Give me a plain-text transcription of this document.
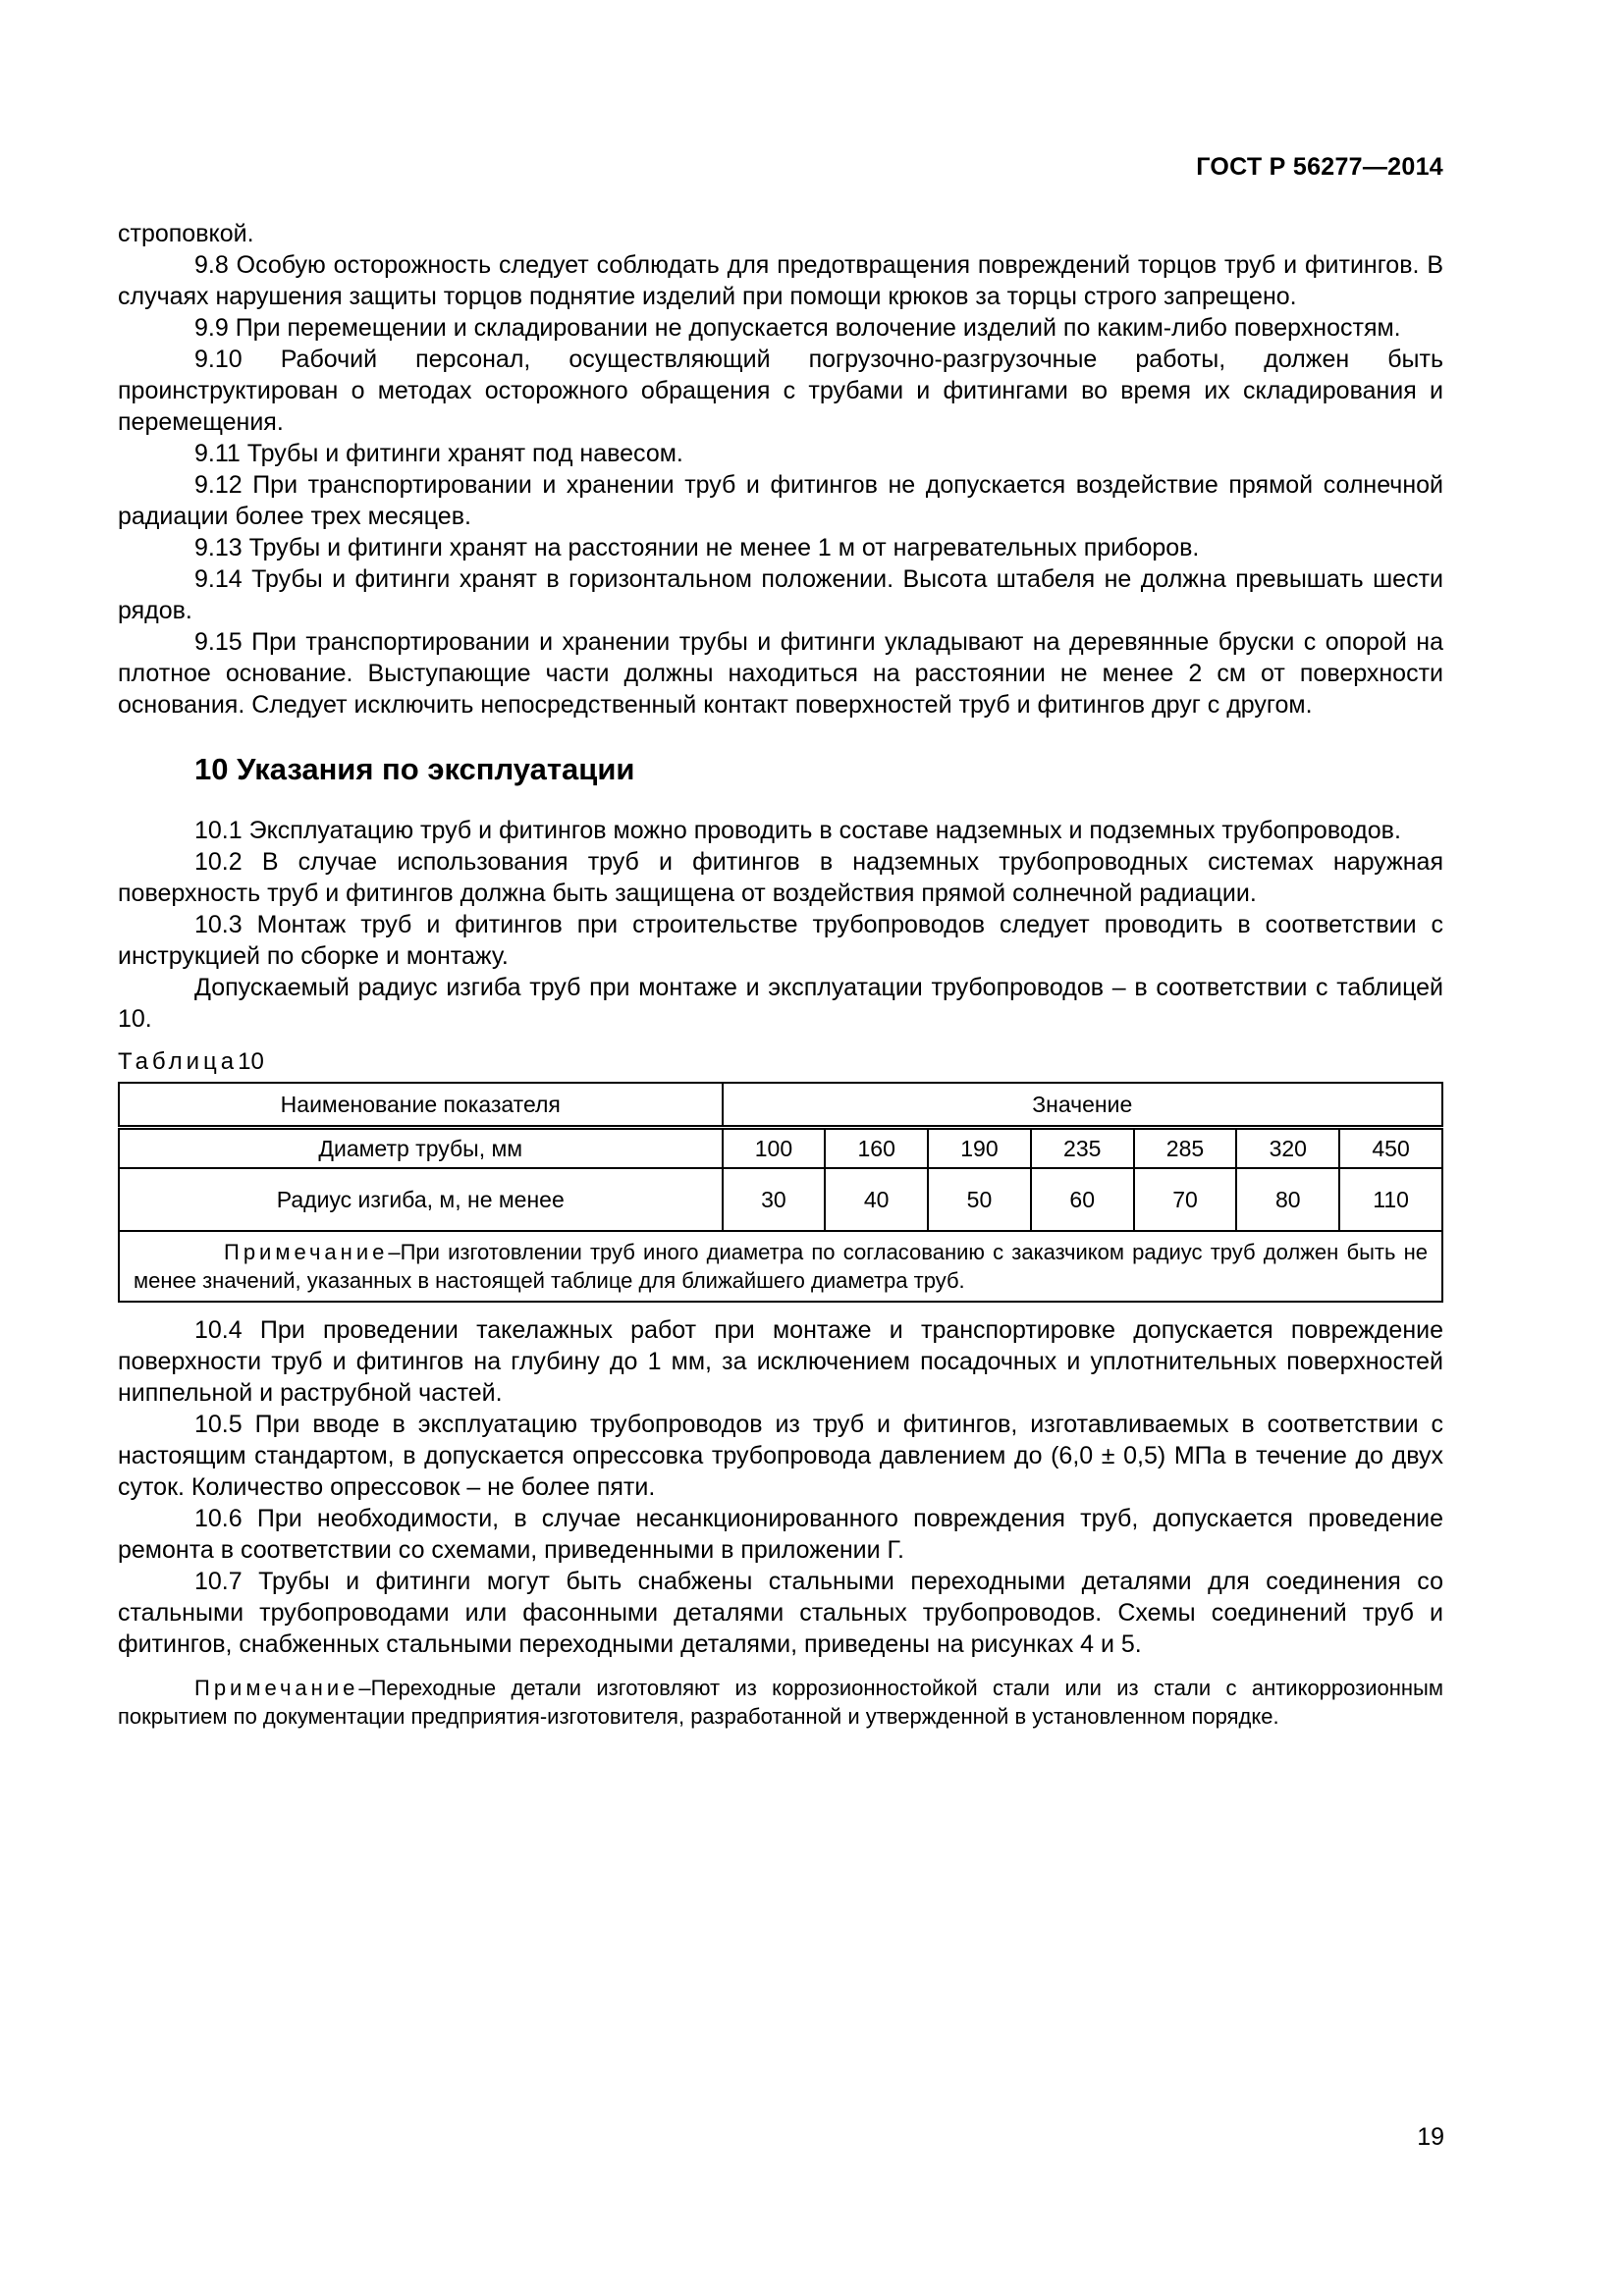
ГОСТ Р 56277—2014

строповкой.

9.8 Особую осторожность следует соблюдать для предотвращения повреждений торцов труб и фитингов. В случаях нарушения защиты торцов поднятие изделий при помощи крюков за торцы строго запрещено.

9.9 При перемещении и складировании не допускается волочение изделий по каким-либо поверхностям.

9.10 Рабочий персонал, осуществляющий погрузочно-разгрузочные работы, должен быть проинструктирован о методах осторожного обращения с трубами и фитингами во время их складирования и перемещения.

9.11 Трубы и фитинги хранят под навесом.

9.12 При транспортировании и хранении труб и фитингов не допускается воздействие прямой солнечной радиации более трех месяцев.

9.13 Трубы и фитинги хранят на расстоянии не менее 1 м от нагревательных приборов.

9.14 Трубы и фитинги хранят в горизонтальном положении. Высота штабеля не должна превышать шести рядов.

9.15 При транспортировании и хранении трубы и фитинги укладывают на деревянные бруски с опорой на плотное основание. Выступающие части должны находиться на расстоянии не менее 2 см от поверхности основания. Следует исключить непосредственный контакт поверхностей труб и фитингов друг с другом.

10 Указания по эксплуатации

10.1 Эксплуатацию труб и фитингов можно проводить в составе надземных и подземных трубопроводов.

10.2 В случае использования труб и фитингов в надземных трубопроводных системах наружная поверхность труб и фитингов должна быть защищена от воздействия прямой солнечной радиации.

10.3 Монтаж труб и фитингов при строительстве трубопроводов следует проводить в соответствии с инструкцией по сборке и монтажу.

Допускаемый радиус изгиба труб при монтаже и эксплуатации трубопроводов – в соответствии с таблицей 10.

Таблица10
Наименование показателя	Значение						
Диаметр трубы, мм	100	160	190	235	285	320	450
Радиус изгиба, м, не менее	30	40	50	60	70	80	110
Примечание–При изготовлении труб иного диаметра по согласованию с заказчиком радиус труб должен быть не менее значений, указанных в настоящей таблице для ближайшего диаметра труб.							

10.4 При проведении такелажных работ при монтаже и транспортировке допускается повреждение поверхности труб и фитингов на глубину до 1 мм, за исключением посадочных и уплотнительных поверхностей ниппельной и раструбной частей.

10.5 При вводе в эксплуатацию трубопроводов из труб и фитингов, изготавливаемых в соответствии с настоящим стандартом, в допускается опрессовка трубопровода давлением до (6,0 ± 0,5) МПа в течение до двух суток. Количество опрессовок – не более пяти.

10.6 При необходимости, в случае несанкционированного повреждения труб, допускается проведение ремонта в соответствии со схемами, приведенными в приложении Г.

10.7 Трубы и фитинги могут быть снабжены стальными переходными деталями для соединения со стальными трубопроводами или фасонными деталями стальных трубопроводов. Схемы соединений труб и фитингов, снабженных стальными переходными деталями, приведены на рисунках 4 и 5.

Примечание–Переходные детали изготовляют из коррозионностойкой стали или из стали с антикоррозионным покрытием по документации предприятия-изготовителя, разработанной и утвержденной в установленном порядке.

19
